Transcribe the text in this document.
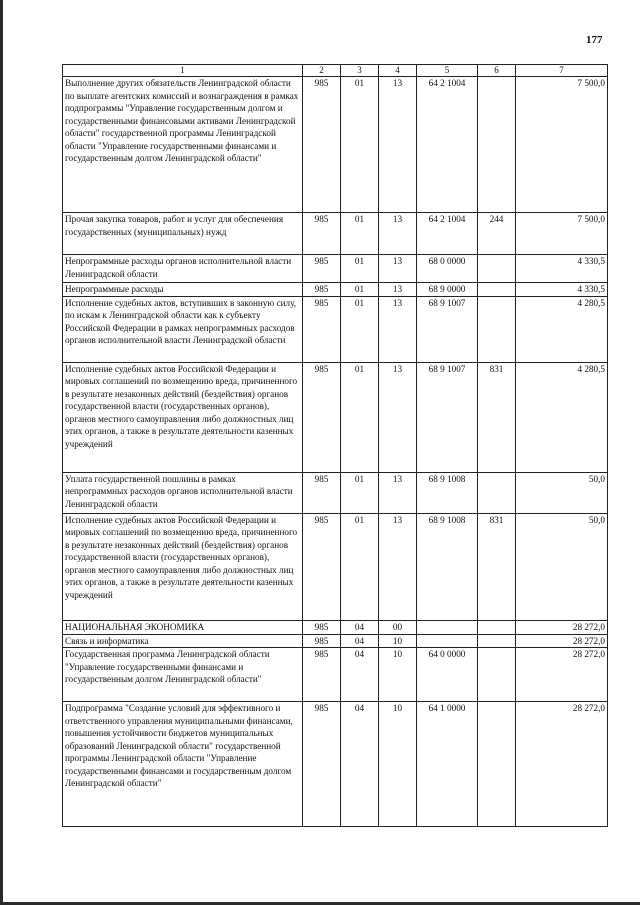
177
1	2	3	4	5	6	7
Выполнение других обязательств Ленинградской области по выплате агентских комиссий и вознаграждения в рамках подпрограммы "Управление государственным долгом и государственными финансовыми активами Ленинградской области" государственной программы Ленинградской области "Управление государственными финансами и государственным долгом Ленинградской области"	985	01	13	64 2 1004		7 500,0
Прочая закупка товаров, работ и услуг для обеспечения государственных (муниципальных) нужд	985	01	13	64 2 1004	244	7 500,0
Непрограммные расходы органов исполнительной власти Ленинградской области	985	01	13	68 0 0000		4 330,5
Непрограммные расходы	985	01	13	68 9 0000		4 330,5
Исполнение судебных актов, вступивших в законную силу, по искам к Ленинградской области как к субъекту Российской Федерации в рамках непрограммных расходов органов исполнительной власти Ленинградской области	985	01	13	68 9 1007		4 280,5
Исполнение судебных актов Российской Федерации и мировых соглашений по возмещению вреда, причиненного в результате незаконных действий (бездействия) органов государственной власти (государственных органов), органов местного самоуправления либо должностных лиц этих органов, а также в результате деятельности казенных учреждений	985	01	13	68 9 1007	831	4 280,5
Уплата государственной пошлины в рамках непрограммных расходов органов исполнительной власти Ленинградской области	985	01	13	68 9 1008		50,0
Исполнение судебных актов Российской Федерации и мировых соглашений по возмещению вреда, причиненного в результате незаконных действий (бездействия) органов государственной власти (государственных органов), органов местного самоуправления либо должностных лиц этих органов, а также в результате деятельности казенных учреждений	985	01	13	68 9 1008	831	50,0
НАЦИОНАЛЬНАЯ ЭКОНОМИКА	985	04	00			28 272,0
Связь и информатика	985	04	10			28 272,0
Государственная программа Ленинградской области "Управление государственными финансами и государственным долгом Ленинградской области"	985	04	10	64 0 0000		28 272,0
Подпрограмма "Создание условий для эффективного и ответственного управления муниципальными финансами, повышения устойчивости бюджетов муниципальных образований Ленинградской области" государственной программы Ленинградской области "Управление государственными финансами и государственным долгом Ленинградской области"	985	04	10	64 1 0000		28 272,0
